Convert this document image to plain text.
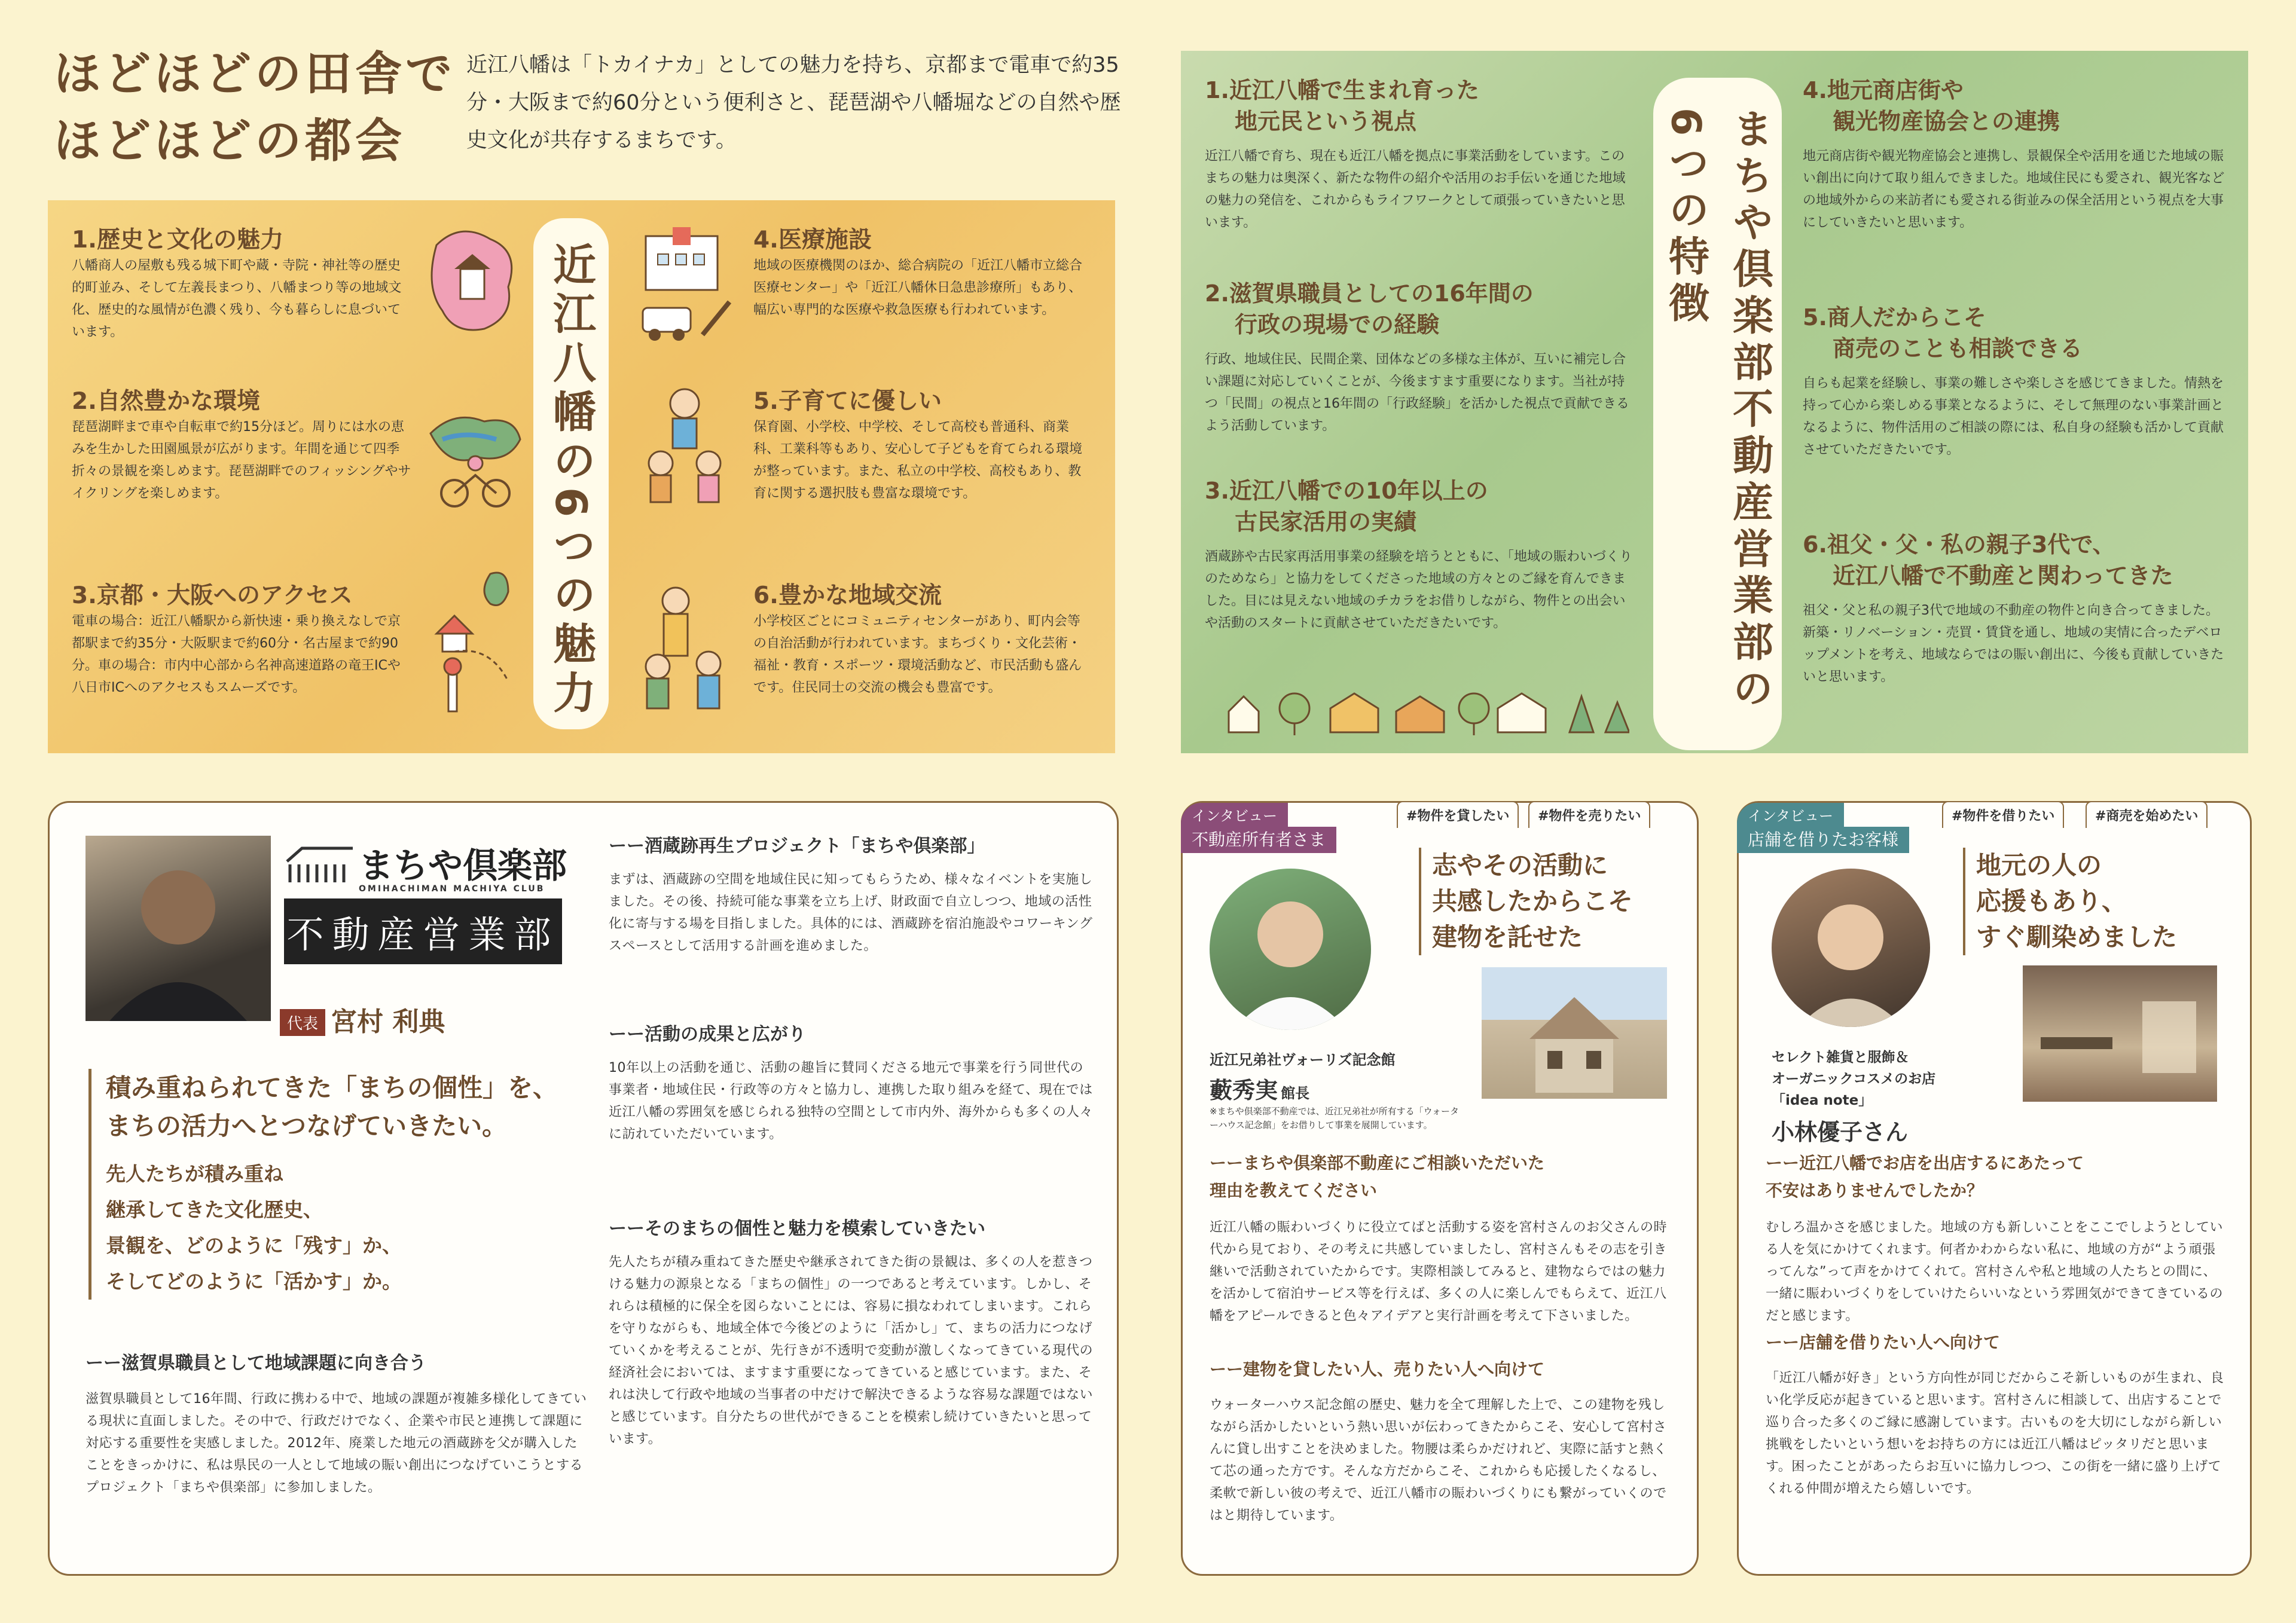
ほどほどの田舎で
ほどほどの都会
近江八幡は「トカイナカ」としての魅力を持ち、京都まで電車で約35分・大阪まで約60分という便利さと、琵琶湖や八幡堀などの自然や歴史文化が共存するまちです。
1.歴史と文化の魅力
八幡商人の屋敷も残る城下町や蔵・寺院・神社等の歴史的町並み、そして左義長まつり、八幡まつり等の地域文化、歴史的な風情が色濃く残り、今も暮らしに息づいています。
2.自然豊かな環境
琵琶湖畔まで車や自転車で約15分ほど。周りには水の恵みを生かした田園風景が広がります。年間を通じて四季折々の景観を楽しめます。琵琶湖畔でのフィッシングやサイクリングを楽しめます。
3.京都・大阪へのアクセス
電車の場合：近江八幡駅から新快速・乗り換えなしで京都駅まで約35分・大阪駅まで約60分・名古屋まで約90分。車の場合：市内中心部から名神高速道路の竜王ICや八日市ICへのアクセスもスムーズです。	近江八幡の6つの魅力
4.医療施設
地域の医療機関のほか、総合病院の「近江八幡市立総合医療センター」や「近江八幡休日急患診療所」もあり、幅広い専門的な医療や救急医療も行われています。
5.子育てに優しい
保育園、小学校、中学校、そして高校も普通科、商業科、工業科等もあり、安心して子どもを育てられる環境が整っています。また、私立の中学校、高校もあり、教育に関する選択肢も豊富な環境です。
6.豊かな地域交流
小学校区ごとにコミュニティセンターがあり、町内会等の自治活動が行われています。まちづくり・文化芸術・福祉・教育・スポーツ・環境活動など、市民活動も盛んです。住民同士の交流の機会も豊富です。
1.近江八幡で生まれ育った
地元民という視点
近江八幡で育ち、現在も近江八幡を拠点に事業活動をしています。このまちの魅力は奥深く、新たな物件の紹介や活用のお手伝いを通じた地域の魅力の発信を、これからもライフワークとして頑張っていきたいと思います。
2.滋賀県職員としての16年間の
行政の現場での経験
行政、地域住民、民間企業、団体などの多様な主体が、互いに補完し合い課題に対応していくことが、今後ますます重要になります。当社が持つ「民間」の視点と16年間の「行政経験」を活かした視点で貢献できるよう活動しています。
3.近江八幡での10年以上の
古民家活用の実績
酒蔵跡や古民家再活用事業の経験を培うとともに、「地域の賑わいづくりのためなら」と協力をしてくださった地域の方々とのご縁を育んできました。目には見えない地域のチカラをお借りしながら、物件との出会いや活動のスタートに貢献させていただきたいです。	まちや倶楽部不動産営業部の
6つの特徴
4.地元商店街や
観光物産協会との連携
地元商店街や観光物産協会と連携し、景観保全や活用を通じた地域の賑い創出に向けて取り組んできました。地域住民にも愛され、観光客などの地域外からの来訪者にも愛される街並みの保全活用という視点を大事にしていきたいと思います。
5.商人だからこそ
商売のことも相談できる
自らも起業を経験し、事業の難しさや楽しさを感じてきました。情熱を持って心から楽しめる事業となるように、そして無理のない事業計画となるように、物件活用のご相談の際には、私自身の経験も活かして貢献させていただきたいです。
6.祖父・父・私の親子3代で、
近江八幡で不動産と関わってきた
祖父・父と私の親子3代で地域の不動産の物件と向き合ってきました。新築・リノベーション・売買・賃貸を通し、地域の実情に合ったデベロップメントを考え、地域ならではの賑い創出に、今後も貢献していきたいと思います。
まちや倶楽部
OMIHACHIMAN MACHIYA CLUB
不動産営業部
代表 宮村 利典
積み重ねられてきた「まちの個性」を、
まちの活力へとつなげていきたい。
先人たちが積み重ね
継承してきた文化歴史、
景観を、どのように「残す」か、
そしてどのように「活かす」か。
ーー滋賀県職員として地域課題に向き合う
滋賀県職員として16年間、行政に携わる中で、地域の課題が複雑多様化してきている現状に直面しました。その中で、行政だけでなく、企業や市民と連携して課題に対応する重要性を実感しました。2012年、廃業した地元の酒蔵跡を父が購入したことをきっかけに、私は県民の一人として地域の賑い創出につなげていこうとするプロジェクト「まちや倶楽部」に参加しました。
ーー酒蔵跡再生プロジェクト「まちや倶楽部」
まずは、酒蔵跡の空間を地域住民に知ってもらうため、様々なイベントを実施しました。その後、持続可能な事業を立ち上げ、財政面で自立しつつ、地域の活性化に寄与する場を目指しました。具体的には、酒蔵跡を宿泊施設やコワーキングスペースとして活用する計画を進めました。
ーー活動の成果と広がり
10年以上の活動を通じ、活動の趣旨に賛同くださる地元で事業を行う同世代の事業者・地域住民・行政等の方々と協力し、連携した取り組みを経て、現在では近江八幡の雰囲気を感じられる独特の空間として市内外、海外からも多くの人々に訪れていただいています。
ーーそのまちの個性と魅力を模索していきたい
先人たちが積み重ねてきた歴史や継承されてきた街の景観は、多くの人を惹きつける魅力の源泉となる「まちの個性」の一つであると考えています。しかし、それらは積極的に保全を図らないことには、容易に損なわれてしまいます。これらを守りながらも、地域全体で今後どのように「活かし」て、まちの活力につなげていくかを考えることが、先行きが不透明で変動が激しくなってきている現代の経済社会においては、ますます重要になってきていると感じています。また、それは決して行政や地域の当事者の中だけで解決できるような容易な課題ではないと感じています。自分たちの世代ができることを模索し続けていきたいと思っています。
インタビュー
不動産所有者さま
#物件を貸したい	#物件を売りたい
志やその活動に
共感したからこそ
建物を託せた
近江兄弟社ヴォーリズ記念館
藪秀実 館長
※まちや倶楽部不動産では、近江兄弟社が所有する「ウォーターハウス記念館」をお借りして事業を展開しています。
ーーまちや倶楽部不動産にご相談いただいた理由を教えてください
近江八幡の賑わいづくりに役立てばと活動する姿を宮村さんのお父さんの時代から見ており、その考えに共感していましたし、宮村さんもその志を引き継いで活動されていたからです。実際相談してみると、建物ならではの魅力を活かして宿泊サービス等を行えば、多くの人に楽しんでもらえて、近江八幡をアピールできると色々アイデアと実行計画を考えて下さいました。
ーー建物を貸したい人、売りたい人へ向けて
ウォーターハウス記念館の歴史、魅力を全て理解した上で、この建物を残しながら活かしたいという熱い思いが伝わってきたからこそ、安心して宮村さんに貸し出すことを決めました。物腰は柔らかだけれど、実際に話すと熱くて芯の通った方です。そんな方だからこそ、これからも応援したくなるし、柔軟で新しい彼の考えで、近江八幡市の賑わいづくりにも繋がっていくのではと期待しています。
インタビュー
店舗を借りたお客様
#物件を借りたい	#商売を始めたい
地元の人の
応援もあり、
すぐ馴染めました
セレクト雑貨と服飾＆
オーガニックコスメのお店
「idea note」
小林優子さん
ーー近江八幡でお店を出店するにあたって不安はありませんでしたか？
むしろ温かさを感じました。地域の方も新しいことをここでしようとしている人を気にかけてくれます。何者かわからない私に、地域の方が“よう頑張ってんな”って声をかけてくれて。宮村さんや私と地域の人たちとの間に、一緒に賑わいづくりをしていけたらいいなという雰囲気ができてきているのだと感じます。
ーー店舗を借りたい人へ向けて
「近江八幡が好き」という方向性が同じだからこそ新しいものが生まれ、良い化学反応が起きていると思います。宮村さんに相談して、出店することで巡り合った多くのご縁に感謝しています。古いものを大切にしながら新しい挑戦をしたいという想いをお持ちの方には近江八幡はピッタリだと思います。困ったことがあったらお互いに協力しつつ、この街を一緒に盛り上げてくれる仲間が増えたら嬉しいです。
